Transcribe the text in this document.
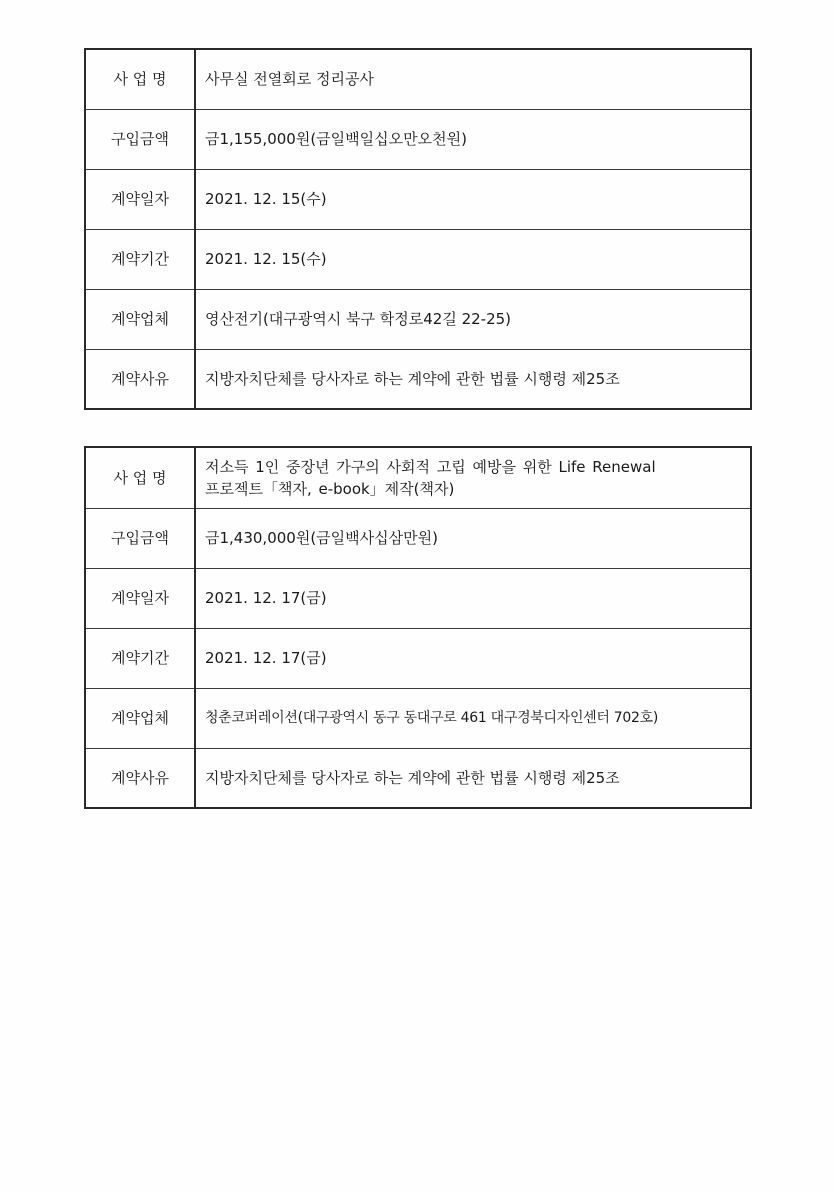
사 업 명	사무실 전열회로 정리공사
구입금액	금1,155,000원(금일백일십오만오천원)
계약일자	2021. 12. 15(수)
계약기간	2021. 12. 15(수)
계약업체	영산전기(대구광역시 북구 학정로42길 22-25)
계약사유	지방자치단체를 당사자로 하는 계약에 관한 법률 시행령 제25조
사 업 명	저소득 1인 중장년 가구의 사회적 고립 예방을 위한 Life Renewal
프로젝트「책자, e-book」제작(책자)
구입금액	금1,430,000원(금일백사십삼만원)
계약일자	2021. 12. 17(금)
계약기간	2021. 12. 17(금)
계약업체	청춘코퍼레이션(대구광역시 동구 동대구로 461 대구경북디자인센터 702호)
계약사유	지방자치단체를 당사자로 하는 계약에 관한 법률 시행령 제25조
